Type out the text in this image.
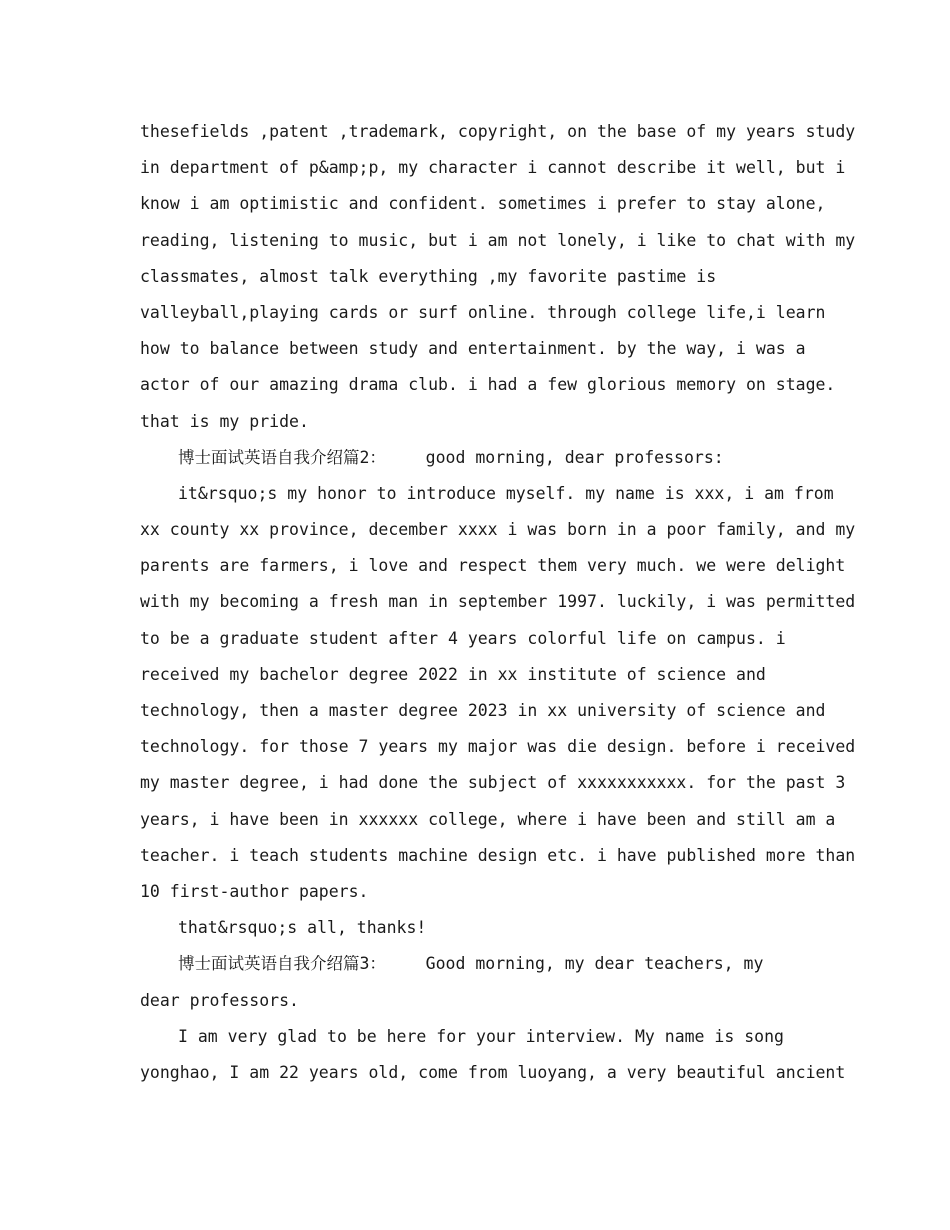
thesefields ,patent ,trademark, copyright, on the base of my years study
in department of p&amp;p, my character i cannot describe it well, but i
know i am optimistic and confident. sometimes i prefer to stay alone,
reading, listening to music, but i am not lonely, i like to chat with my
classmates, almost talk everything ,my favorite pastime is
valleyball,playing cards or surf online. through college life,i learn
how to balance between study and entertainment. by the way, i was a
actor of our amazing drama club. i had a few glorious memory on stage.
that is my pride.
博士面试英语自我介绍篇2：    good morning, dear professors:
it&rsquo;s my honor to introduce myself. my name is xxx, i am from
xx county xx province, december xxxx i was born in a poor family, and my
parents are farmers, i love and respect them very much. we were delight
with my becoming a fresh man in september 1997. luckily, i was permitted
to be a graduate student after 4 years colorful life on campus. i
received my bachelor degree 2022 in xx institute of science and
technology, then a master degree 2023 in xx university of science and
technology. for those 7 years my major was die design. before i received
my master degree, i had done the subject of xxxxxxxxxxx. for the past 3
years, i have been in xxxxxx college, where i have been and still am a
teacher. i teach students machine design etc. i have published more than
10 first-author papers.
that&rsquo;s all, thanks!
博士面试英语自我介绍篇3：    Good morning, my dear teachers, my
dear professors.
I am very glad to be here for your interview. My name is song
yonghao, I am 22 years old, come from luoyang, a very beautiful ancient
